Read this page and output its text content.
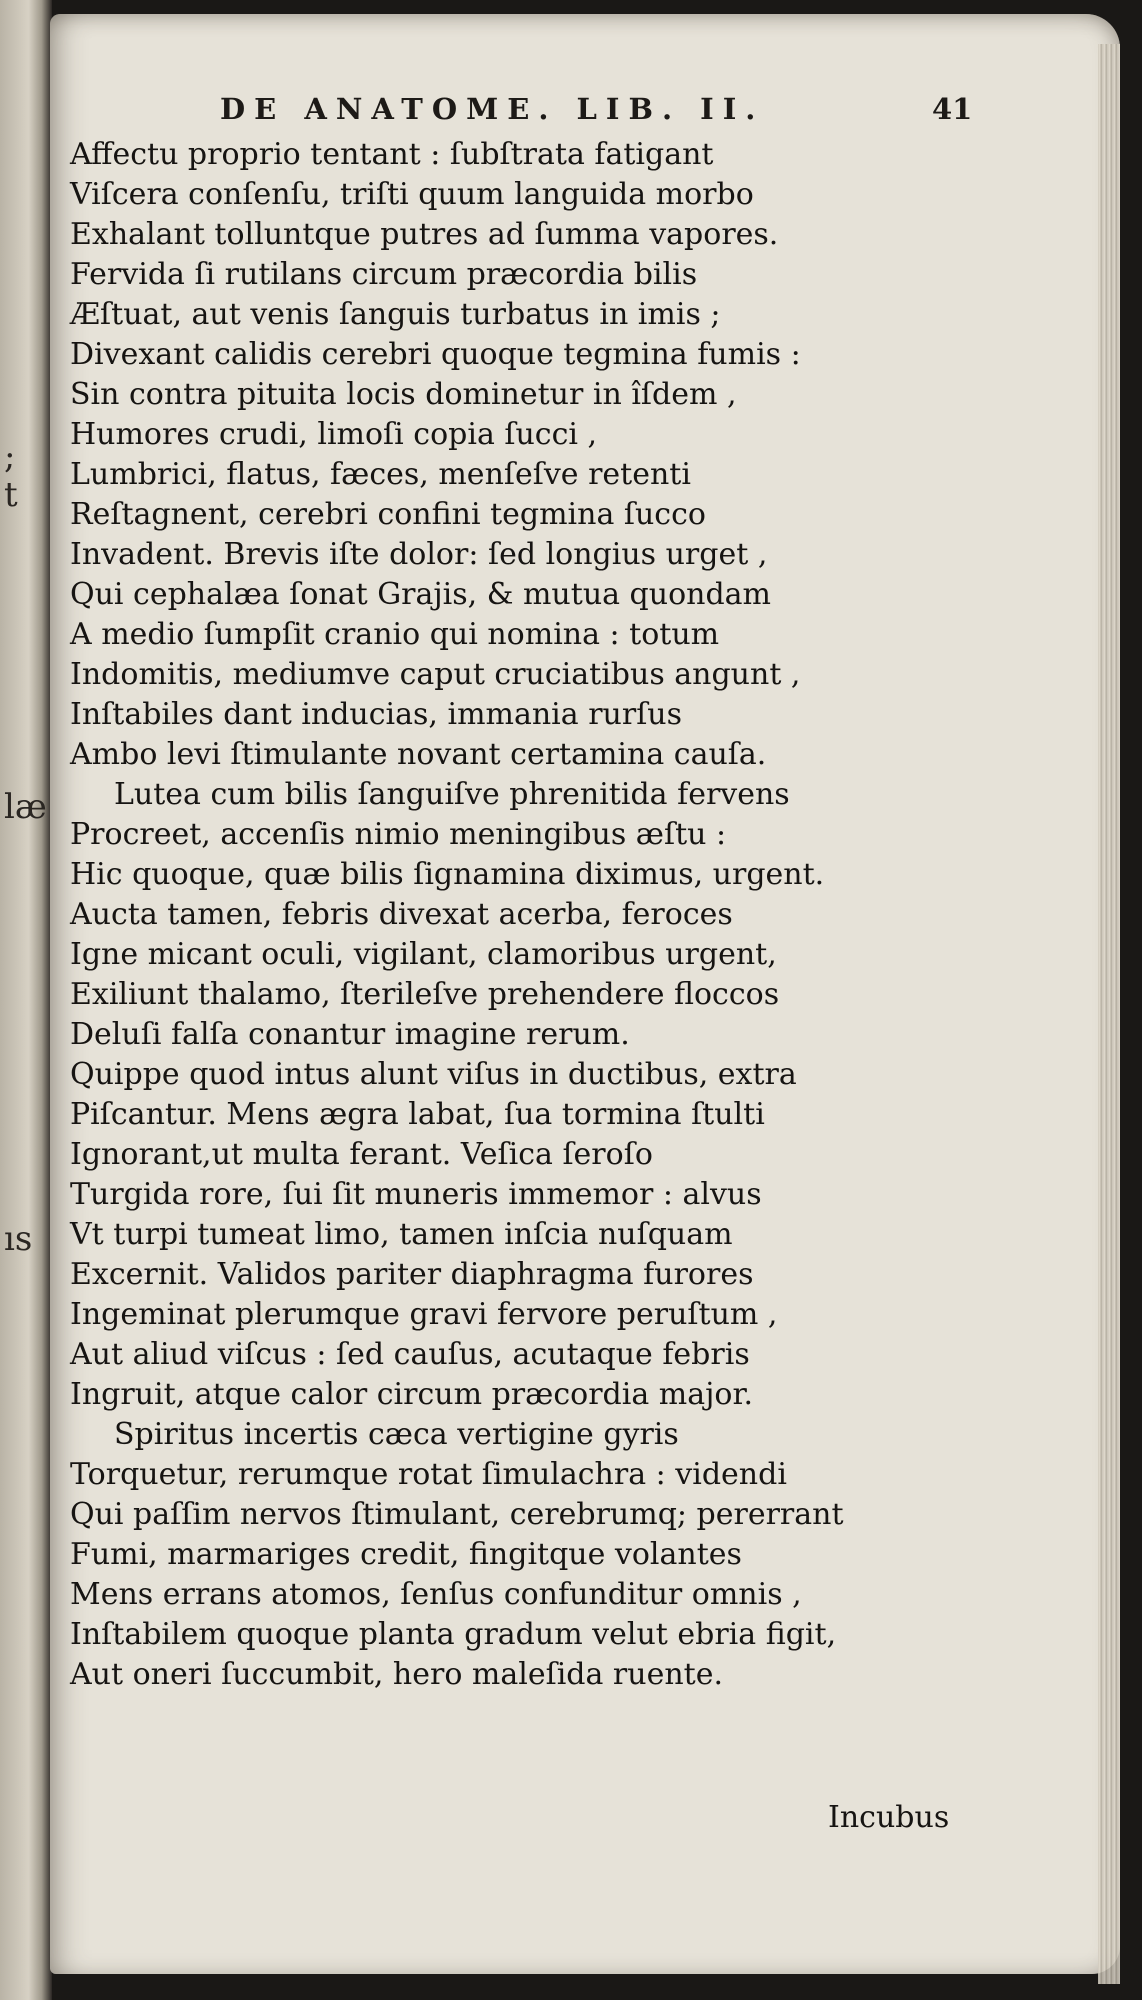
;
t
læ
ıs
DE ANATOME. LIB. II.	41
Affectu proprio tentant : ſubſtrata fatigant
Viſcera conſenſu, triſti quum languida morbo
Exhalant tolluntque putres ad ſumma vapores.
Fervida ſi rutilans circum præcordia bilis
Æſtuat, aut venis ſanguis turbatus in imis ;
Divexant calidis cerebri quoque tegmina fumis :
Sin contra pituita locis dominetur in îſdem ,
Humores crudi, limoſi copia ſucci ,
Lumbrici, flatus, fæces, menſeſve retenti
Reſtagnent, cerebri confini tegmina ſucco
Invadent. Brevis iſte dolor: ſed longius urget ,
Qui cephalæa ſonat Grajis, & mutua quondam
A medio ſumpſit cranio qui nomina : totum
Indomitis, mediumve caput cruciatibus angunt ,
Inſtabiles dant inducias, immania rurſus
Ambo levi ſtimulante novant certamina cauſa.
Lutea cum bilis ſanguiſve phrenitida fervens
Procreet, accenſis nimio meningibus æſtu :
Hic quoque, quæ bilis ſignamina diximus, urgent.
Aucta tamen, febris divexat acerba, feroces
Igne micant oculi, vigilant, clamoribus urgent,
Exiliunt thalamo, ſterileſve prehendere floccos
Deluſi falſa conantur imagine rerum.
Quippe quod intus alunt viſus in ductibus, extra
Piſcantur. Mens ægra labat, ſua tormina ſtulti
Ignorant,ut multa ferant. Veſica ſeroſo
Turgida rore, ſui ſit muneris immemor : alvus
Vt turpi tumeat limo, tamen inſcia nuſquam
Excernit. Validos pariter diaphragma furores
Ingeminat plerumque gravi fervore peruſtum ,
Aut aliud viſcus : ſed cauſus, acutaque febris
Ingruit, atque calor circum præcordia major.
Spiritus incertis cæca vertigine gyris
Torquetur, rerumque rotat ſimulachra : videndi
Qui paſſim nervos ſtimulant, cerebrumq; pererrant
Fumi, marmariges credit, fingitque volantes
Mens errans atomos, ſenſus confunditur omnis ,
Inſtabilem quoque planta gradum velut ebria figit,
Aut oneri ſuccumbit, hero maleſida ruente.
Incubus
